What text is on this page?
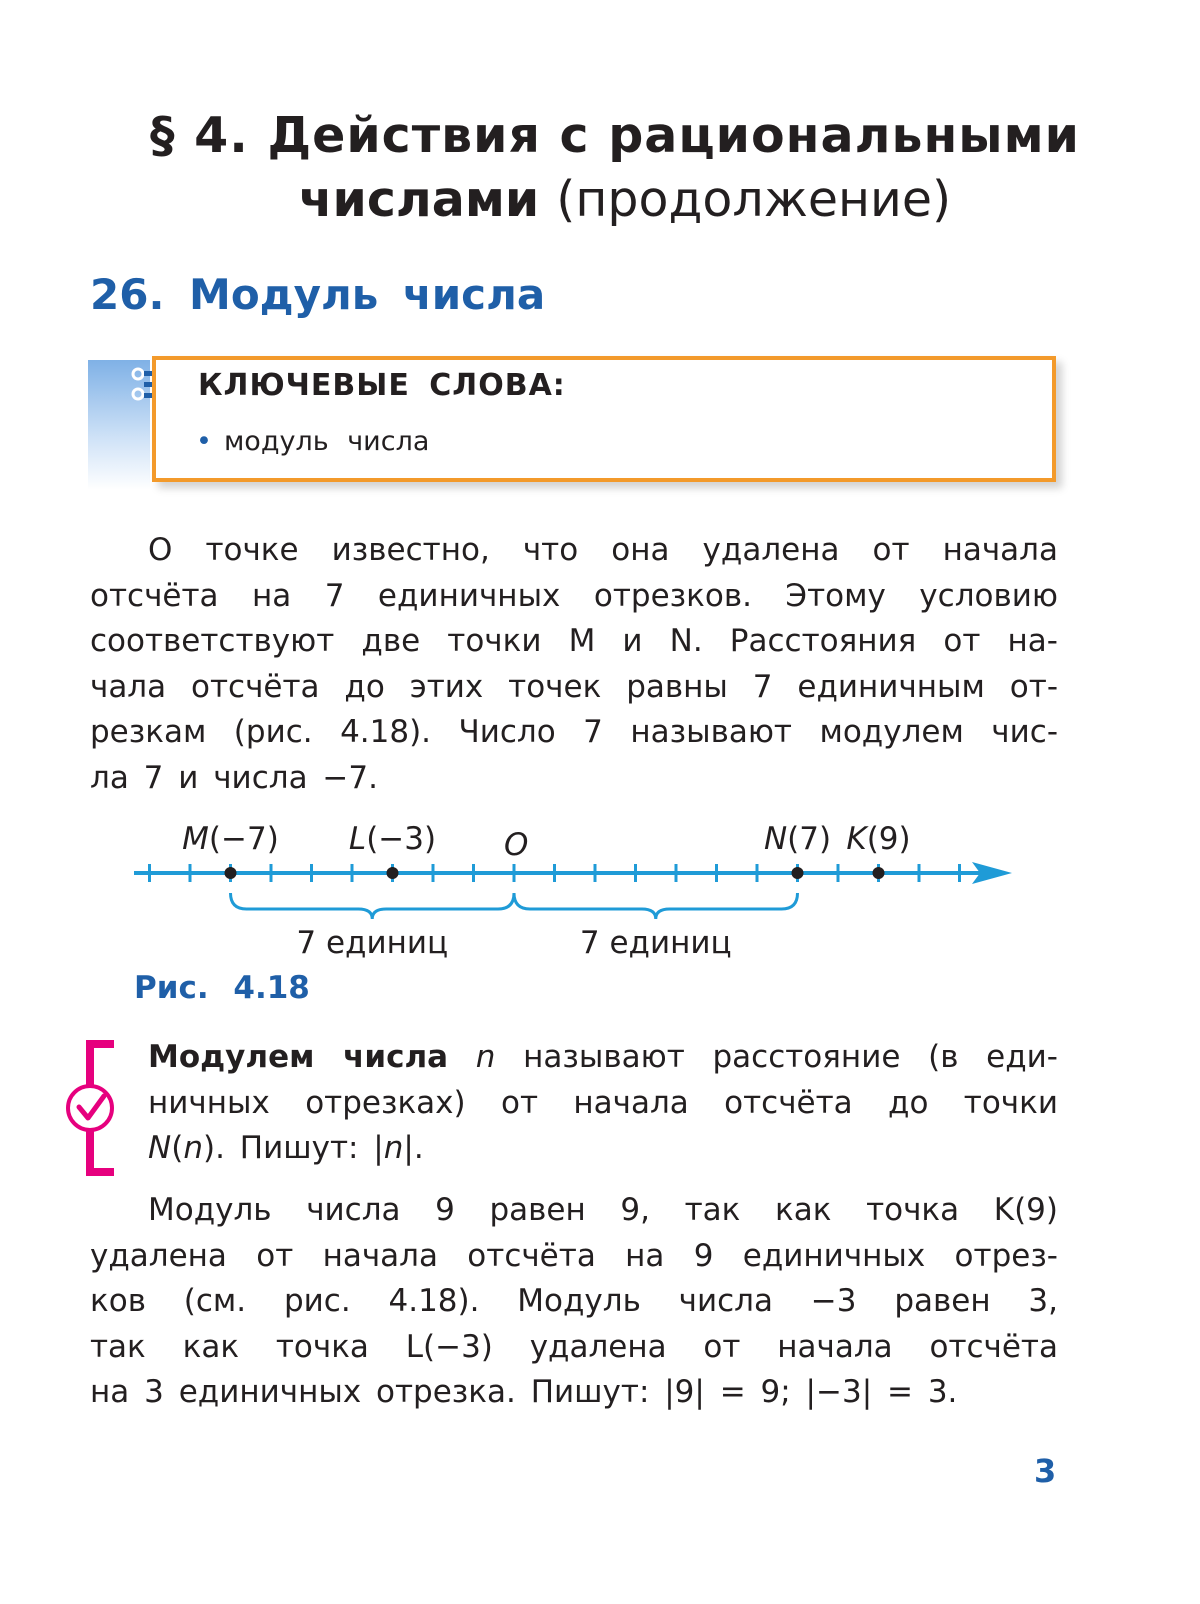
§ 4. Действия с рациональными
числами (продолжение)
26. Модуль числа
КЛЮЧЕВЫЕ СЛОВА:
• модуль числа
О точке известно, что она удалена от начала
отсчёта на 7 единичных отрезков. Этому условию
соответствуют две точки M и N. Расстояния от на-
чала отсчёта до этих точек равны 7 единичным от-
резкам (рис. 4.18). Число 7 называют модулем чис-
ла 7 и числа −7.
M(−7) L(−3)	N(7) K(9)
O
7 единиц	7 единиц
Рис. 4.18
Модулем числа n называют расстояние (в еди-
ничных отрезках) от начала отсчёта до точки
N(n). Пишут: |n|.
Модуль числа 9 равен 9, так как точка K(9)
удалена от начала отсчёта на 9 единичных отрез-
ков (см. рис. 4.18). Модуль числа −3 равен 3,
так как точка L(−3) удалена от начала отсчёта
на 3 единичных отрезка. Пишут: |9| = 9; |−3| = 3.
3
